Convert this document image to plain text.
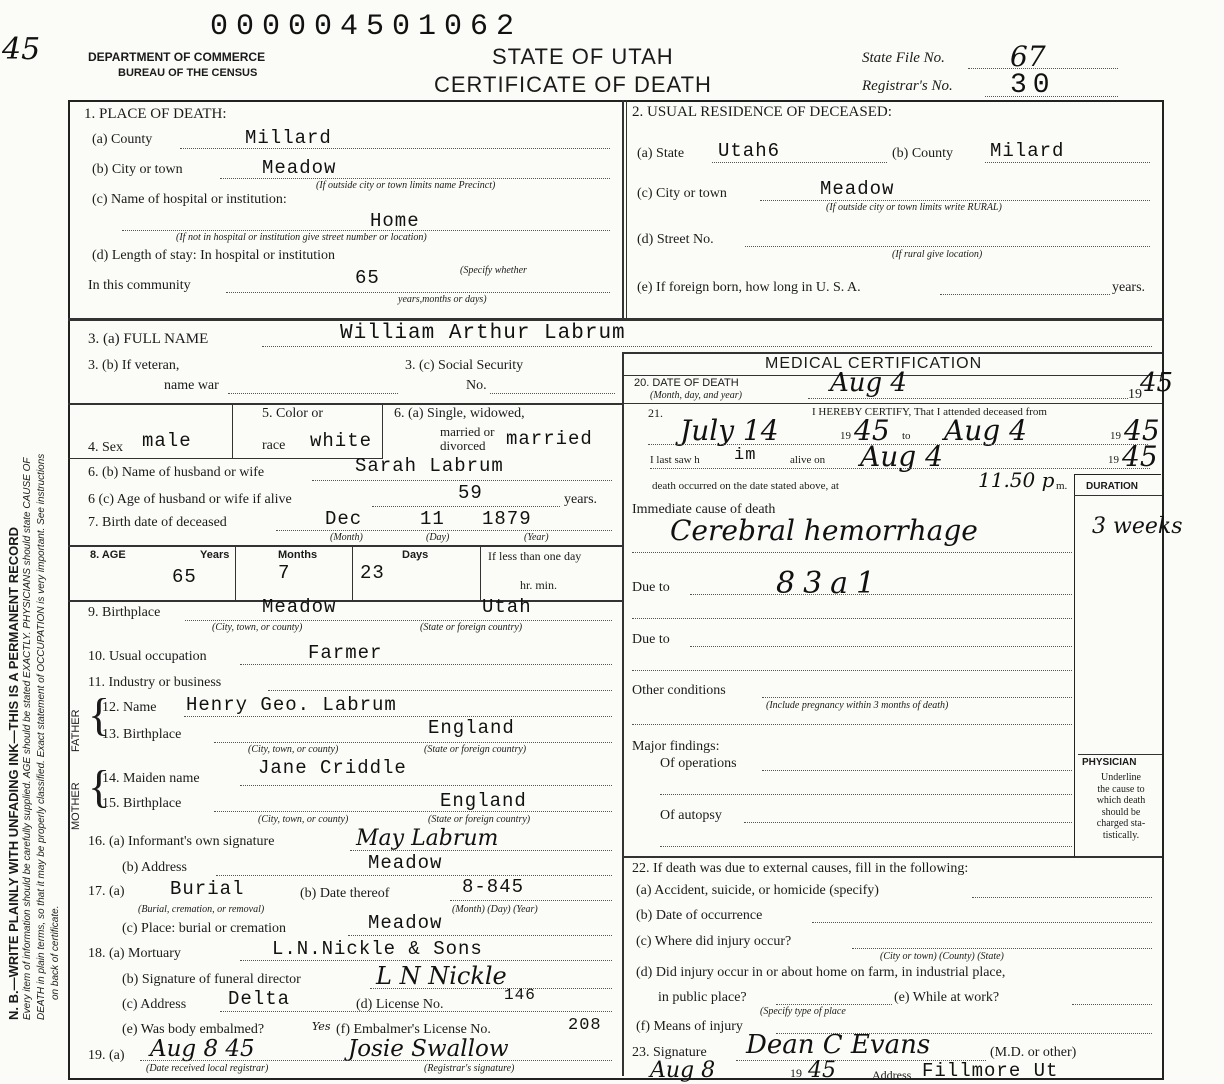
N. B.—WRITE PLAINLY WITH UNFADING INK—THIS IS A PERMANENT RECORD Every item of information should be carefully supplied. AGE should be stated EXACTLY. PHYSICIANS should state CAUSE OF DEATH in plain terms, so that it may be properly classified. Exact statement of OCCUPATION is very important. See instructions on back of certificate.
45
000004501062
DEPARTMENT OF COMMERCE
BUREAU OF THE CENSUS
STATE OF UTAH
CERTIFICATE OF DEATH
State File No. 67
Registrar's No. 30
1. PLACE OF DEATH:
(a) County	Millard
(b) City or town	Meadow
(If outside city or town limits name Precinct)
(c) Name of hospital or institution:
Home
(If not in hospital or institution give street number or location)
(d) Length of stay: In hospital or institution
(Specify whether
In this community	65
years,months or days)
2. USUAL RESIDENCE OF DECEASED:
(a) State Utah6	(b) County Milard
(c) City or town	Meadow
(If outside city or town limits write RURAL)
(d) Street No.
(If rural give location)
(e) If foreign born, how long in U. S. A.	years.
3. (a) FULL NAME	William Arthur Labrum
3. (b) If veteran,
name war
3. (c) Social Security
No.
4. Sex male
5. Color or
race white
6. (a) Single, widowed,
married or
divorced married
6. (b) Name of husband or wife	Sarah Labrum
6 (c) Age of husband or wife if alive	59	years.
7. Birth date of deceased	Dec	11 1879
(Month)	(Day)	(Year)
8. AGE	Years	Months	Days
65	7	23
If less than one day
hr. min.
9. Birthplace	Meadow	Utah
(City, town, or county)	(State or foreign country)
10. Usual occupation	Farmer
11. Industry or business
FATHER
MOTHER
{
{
12. Name Henry Geo. Labrum
13. Birthplace	England
(City, town, or county)	(State or foreign country)
14. Maiden name	Jane Criddle
15. Birthplace	England
(City, town, or county)	(State or foreign country)
16. (a) Informant's own signature	May Labrum
(b) Address	Meadow
17. (a) Burial	(b) Date thereof	8-845
(Burial, cremation, or removal)	(Month) (Day) (Year)
(c) Place: burial or cremation	Meadow
18. (a) Mortuary	L.N.Nickle & Sons
(b) Signature of funeral director	L N Nickle
(c) Address Delta	(d) License No.
146
(e) Was body embalmed?	Yes (f) Embalmer's License No.	208
19. (a) Aug 8 45	Josie Swallow
(Date received local registrar)	(Registrar's signature)
MEDICAL CERTIFICATION
20. DATE OF DEATH
(Month, day, and year)	Aug 4	19
45
21.	I HEREBY CERTIFY, That I attended deceased from
July 14	19 45 to Aug 4	19 45
I last saw h im	alive on Aug 4	19 45
death occurred on the date stated above, at	11.50 p m. DURATION
Immediate cause of death
Cerebral hemorrhage	3 weeks
Due to	83a1
Due to
Other conditions
(Include pregnancy within 3 months of death)
Major findings:
Of operations
Of autopsy
PHYSICIAN
Underline
the cause to
which death
should be
charged sta-
tistically.
22. If death was due to external causes, fill in the following:
(a) Accident, suicide, or homicide (specify)
(b) Date of occurrence
(c) Where did injury occur?
(City or town) (County) (State)
(d) Did injury occur in or about home on farm, in industrial place,
in public place?	(e) While at work?
(Specify type of place
(f) Means of injury
23. Signature Dean C Evans	(M.D. or other)
Aug 8	19 45	Address Fillmore Ut
